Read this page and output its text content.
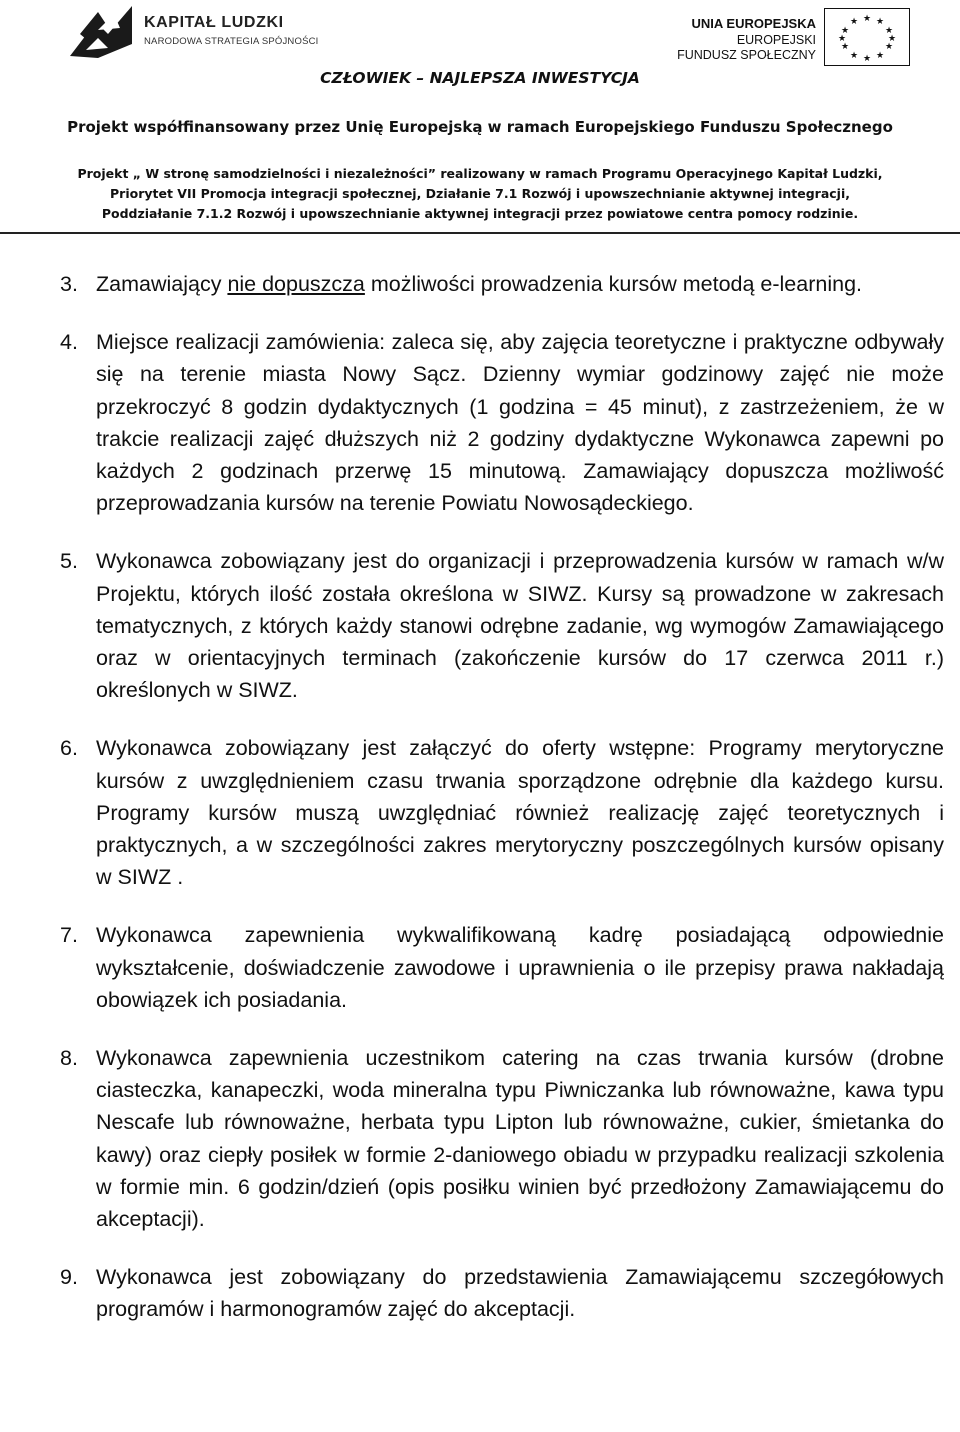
KAPITAŁ LUDZKI
NARODOWA STRATEGIA SPÓJNOŚCI
UNIA EUROPEJSKA
EUROPEJSKI
FUNDUSZ SPOŁECZNY
★ ★
★
★
★
★
★
★
★
★
★
★
CZŁOWIEK – NAJLEPSZA INWESTYCJA
Projekt współfinansowany przez Unię Europejską w ramach Europejskiego Funduszu Społecznego
Projekt „ W stronę samodzielności i niezależności” realizowany w ramach Programu Operacyjnego Kapitał Ludzki,
Priorytet VII Promocja integracji społecznej, Działanie 7.1 Rozwój i upowszechnianie aktywnej integracji,
Poddziałanie 7.1.2 Rozwój i upowszechnianie aktywnej integracji przez powiatowe centra pomocy rodzinie.
3. Zamawiający nie dopuszcza możliwości prowadzenia kursów metodą e-learning.
4. Miejsce realizacji zamówienia: zaleca się, aby zajęcia teoretyczne i praktyczne odbywały się na terenie miasta Nowy Sącz. Dzienny wymiar godzinowy zajęć nie może przekroczyć 8 godzin dydaktycznych (1 godzina = 45 minut), z zastrzeżeniem, że w trakcie realizacji zajęć dłuższych niż 2 godziny dydaktyczne Wykonawca zapewni po każdych 2 godzinach przerwę 15 minutową. Zamawiający dopuszcza możliwość przeprowadzania kursów na terenie Powiatu Nowosądeckiego.
5. Wykonawca zobowiązany jest do organizacji i przeprowadzenia kursów w ramach w/w Projektu, których ilość została określona w SIWZ. Kursy są prowadzone w zakresach tematycznych, z których każdy stanowi odrębne zadanie, wg wymogów Zamawiającego oraz w orientacyjnych terminach (zakończenie kursów do 17 czerwca 2011 r.) określonych w SIWZ.
6. Wykonawca zobowiązany jest załączyć do oferty wstępne: Programy merytoryczne kursów z uwzględnieniem czasu trwania sporządzone odrębnie dla każdego kursu. Programy kursów muszą uwzględniać również realizację zajęć teoretycznych i praktycznych, a w szczególności zakres merytoryczny poszczególnych kursów opisany w SIWZ .
7. Wykonawca zapewnienia wykwalifikowaną kadrę posiadającą odpowiednie wykształcenie, doświadczenie zawodowe i uprawnienia o ile przepisy prawa nakładają obowiązek ich posiadania.
8. Wykonawca zapewnienia uczestnikom catering na czas trwania kursów (drobne ciasteczka, kanapeczki, woda mineralna typu Piwniczanka lub równoważne, kawa typu Nescafe lub równoważne, herbata typu Lipton lub równoważne, cukier, śmietanka do kawy) oraz ciepły posiłek w formie 2-daniowego obiadu w przypadku realizacji szkolenia w formie min. 6 godzin/dzień (opis posiłku winien być przedłożony Zamawiającemu do akceptacji).
9. Wykonawca jest zobowiązany do przedstawienia Zamawiającemu szczegółowych programów i harmonogramów zajęć do akceptacji.
